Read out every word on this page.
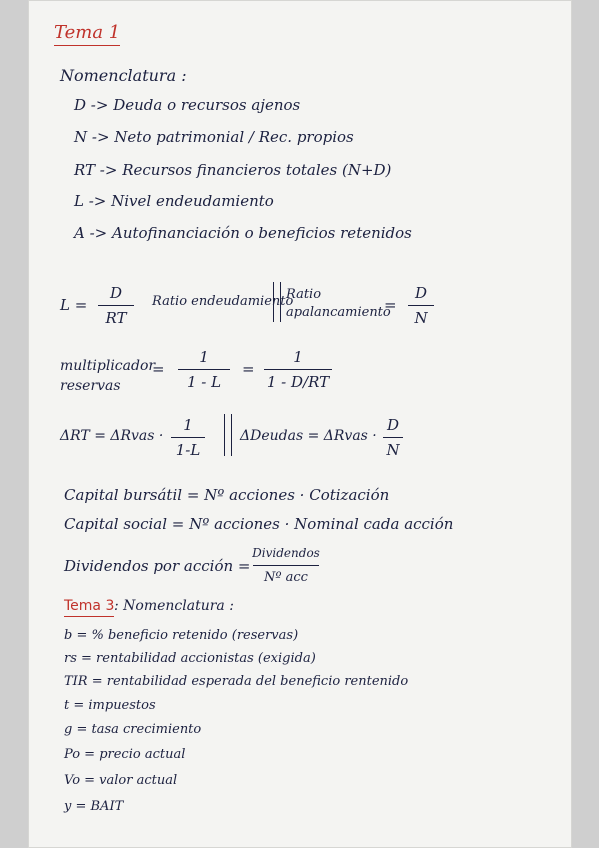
Tema 1
Nomenclatura :
D -> Deuda o recursos ajenos
N -> Neto patrimonial / Rec. propios
RT -> Recursos financieros totales (N+D)
L -> Nivel endeudamiento
A -> Autofinanciación o beneficios retenidos
L =
D
RT
Ratio endeudamiento
Ratio
apalancamiento
=
D
N
multiplicador
reservas
=
1
1 - L
=
1
1 - D/RT
ΔRT = ΔRvas ·
1
1-L
ΔDeudas = ΔRvas ·
D
N
Capital bursátil = Nº acciones · Cotización
Capital social = Nº acciones · Nominal cada acción
Dividendos por acción =
Dividendos
Nº acc
Tema 3 : Nomenclatura :
b = % beneficio retenido (reservas)
rs = rentabilidad accionistas (exigida)
TIR = rentabilidad esperada del beneficio rentenido
t = impuestos
g = tasa crecimiento
Po = precio actual
Vo = valor actual
y = BAIT
